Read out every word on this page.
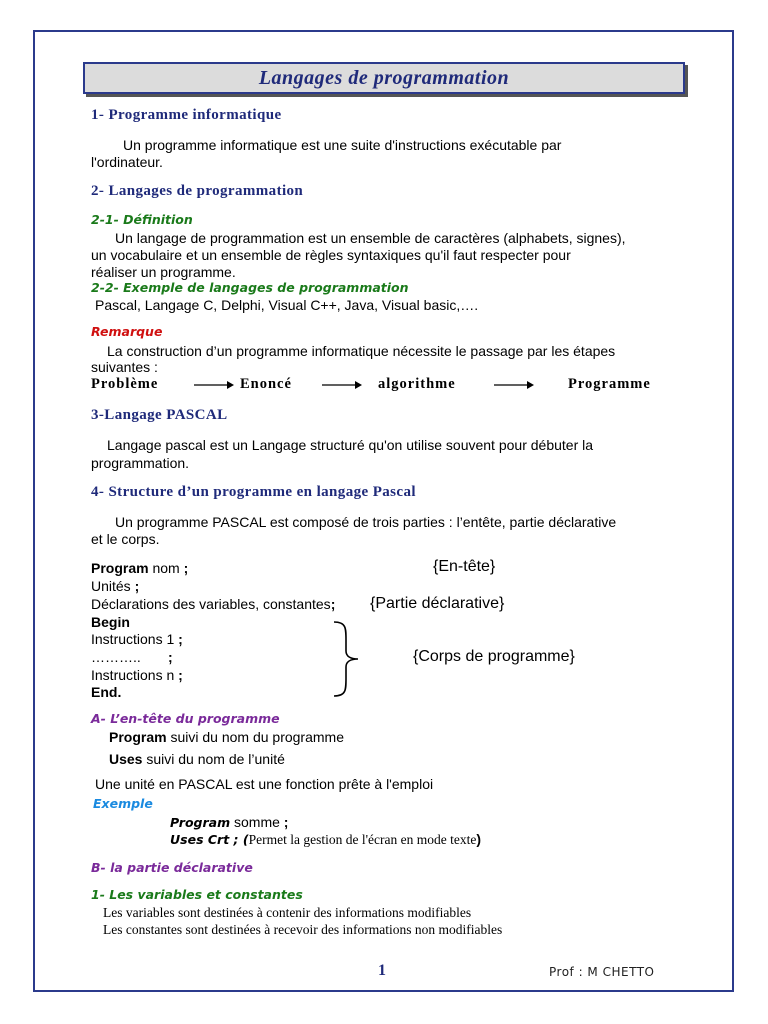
Langages de programmation
1- Programme informatique
Un programme informatique est une suite d'instructions exécutable par
l'ordinateur.
2- Langages de programmation
2-1- Définition
Un langage de programmation est un ensemble de caractères (alphabets, signes),
un vocabulaire et un ensemble de règles syntaxiques qu'il faut respecter pour
réaliser un programme.
2-2- Exemple de langages de programmation
Pascal, Langage C, Delphi, Visual C++, Java, Visual basic,….
Remarque
La construction d’un programme informatique nécessite le passage par les étapes
suivantes :
Problème	Enoncé	algorithme	Programme
3-Langage PASCAL
Langage pascal est un Langage structuré qu'on utilise souvent pour débuter la
programmation.
4- Structure d’un programme en langage Pascal
Un programme PASCAL est composé de trois parties : l’entête, partie déclarative
et le corps.
Program nom ;	{En-tête}
Unités ;
Déclarations des variables, constantes; {Partie déclarative}
Begin
Instructions 1 ;
………..       ;
Instructions n ;
End.
{Corps de programme}
A- L’en-tête du programme
Program suivi du nom du programme
Uses suivi du nom de l’unité
Une unité en PASCAL est une fonction prête à l'emploi
Exemple
Program somme ;
Uses Crt ; (Permet la gestion de l'écran en mode texte)
B- la partie déclarative
1- Les variables et constantes
Les variables sont destinées à contenir des informations modifiables
Les constantes sont destinées à recevoir des informations non modifiables
1	Prof : M CHETTO
